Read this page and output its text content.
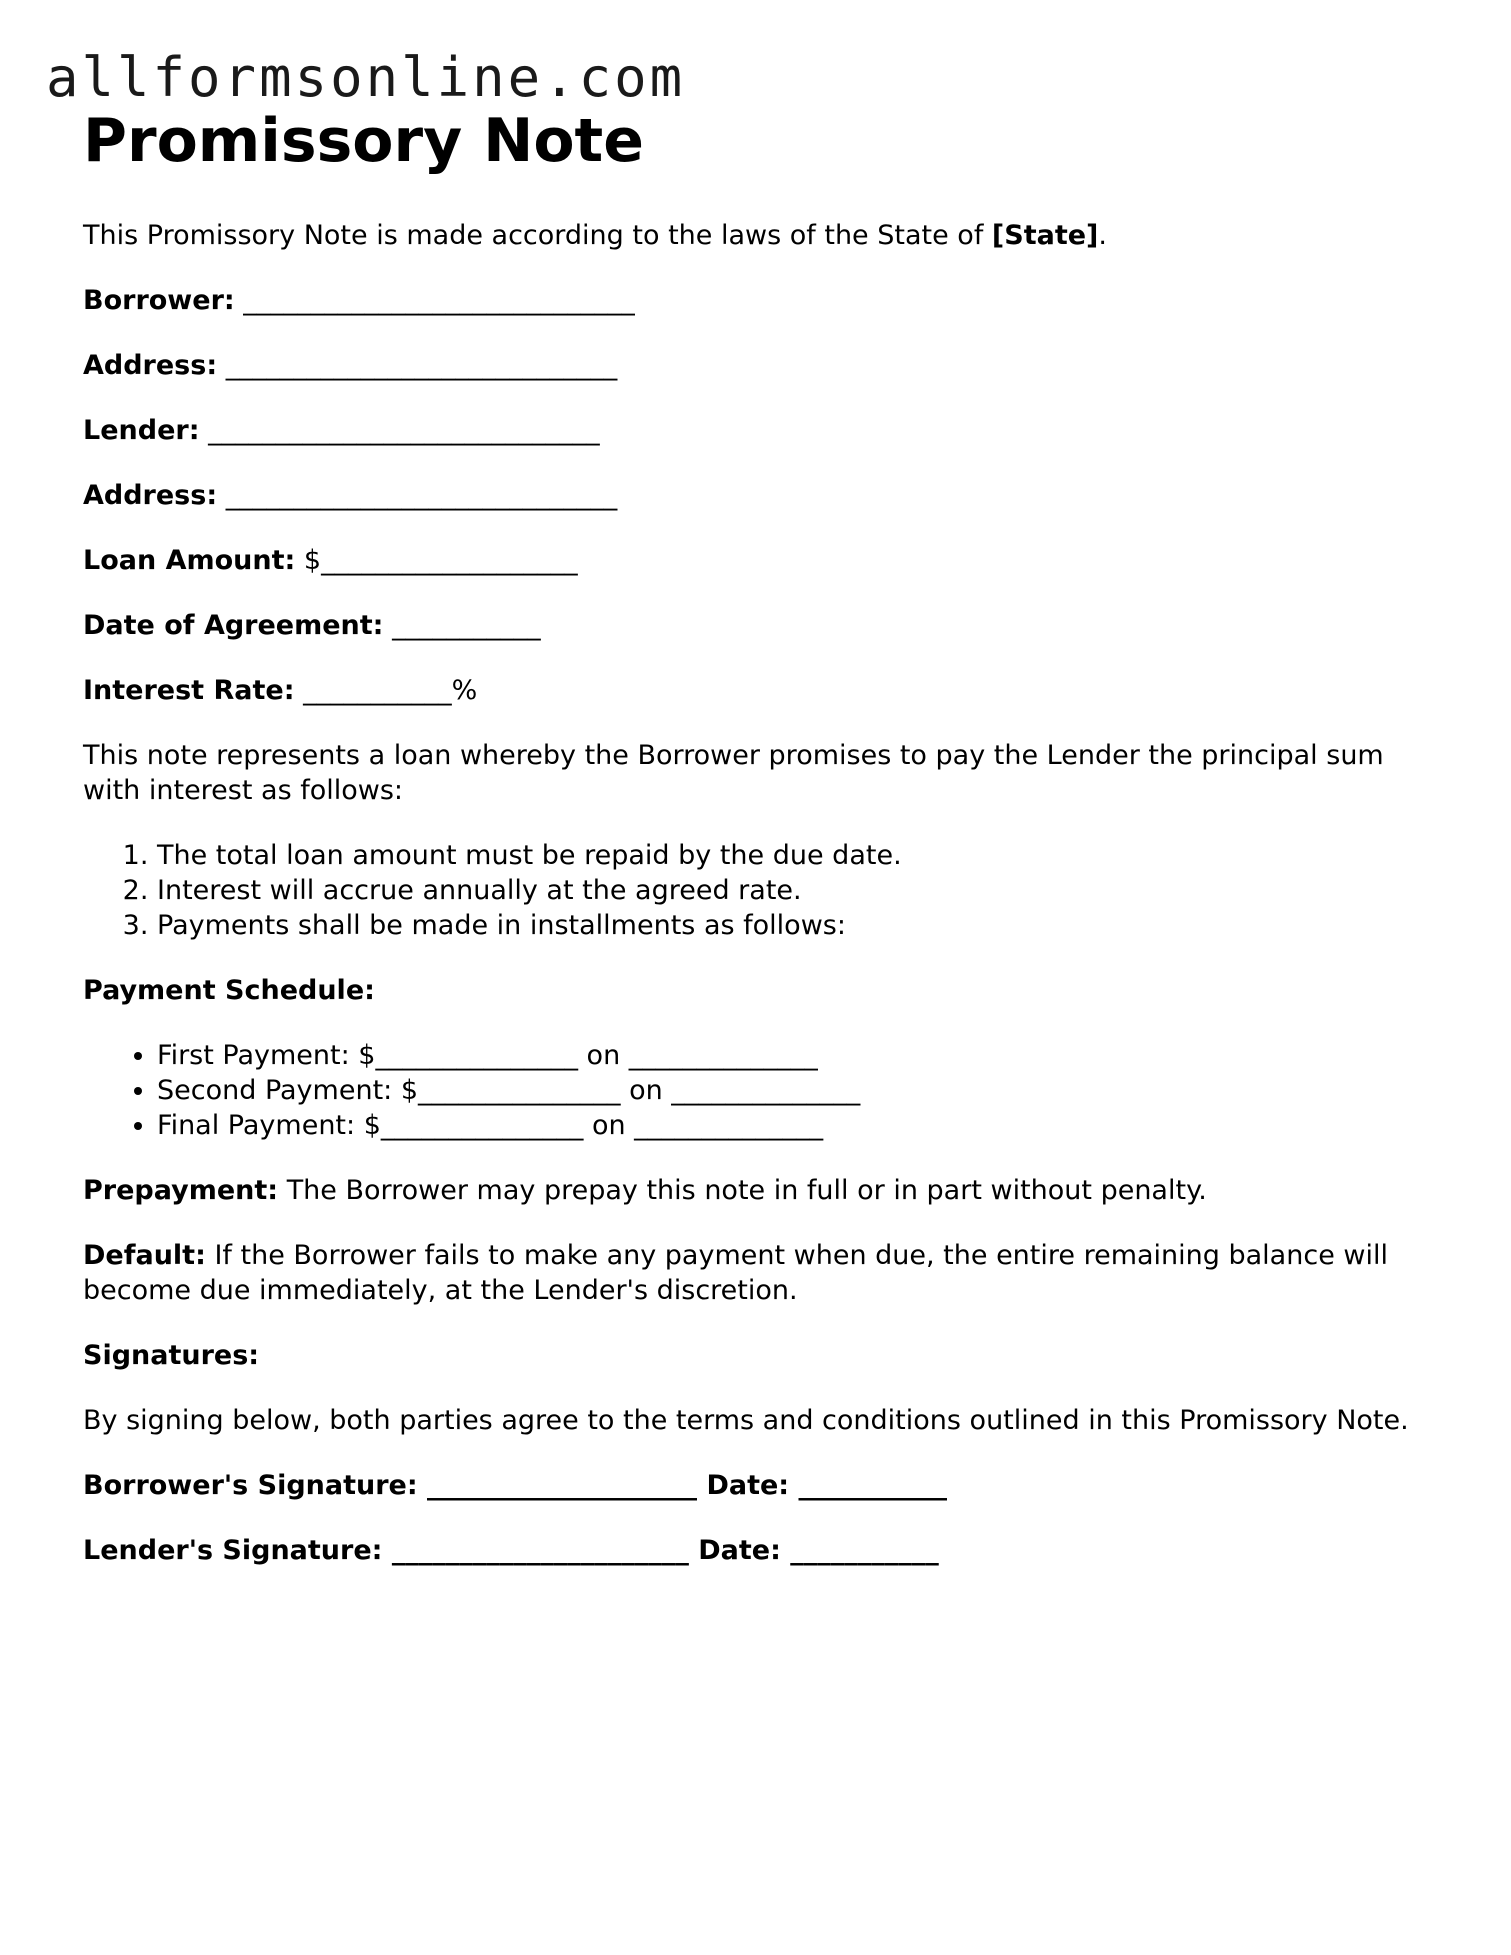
allformsonline.com
Promissory Note

This Promissory Note is made according to the laws of the State of [State].

Borrower: _____________________________

Address: _____________________________

Lender: _____________________________

Address: _____________________________

Loan Amount: $___________________

Date of Agreement: ___________

Interest Rate: ___________%

This note represents a loan whereby the Borrower promises to pay the Lender the principal sum with interest as follows:

1. The total loan amount must be repaid by the due date.
2. Interest will accrue annually at the agreed rate.
3. Payments shall be made in installments as follows:

Payment Schedule:

• First Payment: $_______________ on ______________
• Second Payment: $_______________ on ______________
• Final Payment: $_______________ on ______________

Prepayment: The Borrower may prepay this note in full or in part without penalty.

Default: If the Borrower fails to make any payment when due, the entire remaining balance will become due immediately, at the Lender's discretion.

Signatures:

By signing below, both parties agree to the terms and conditions outlined in this Promissory Note.

Borrower's Signature: ____________________ Date: ___________

Lender's Signature: ______________________ Date: ___________
